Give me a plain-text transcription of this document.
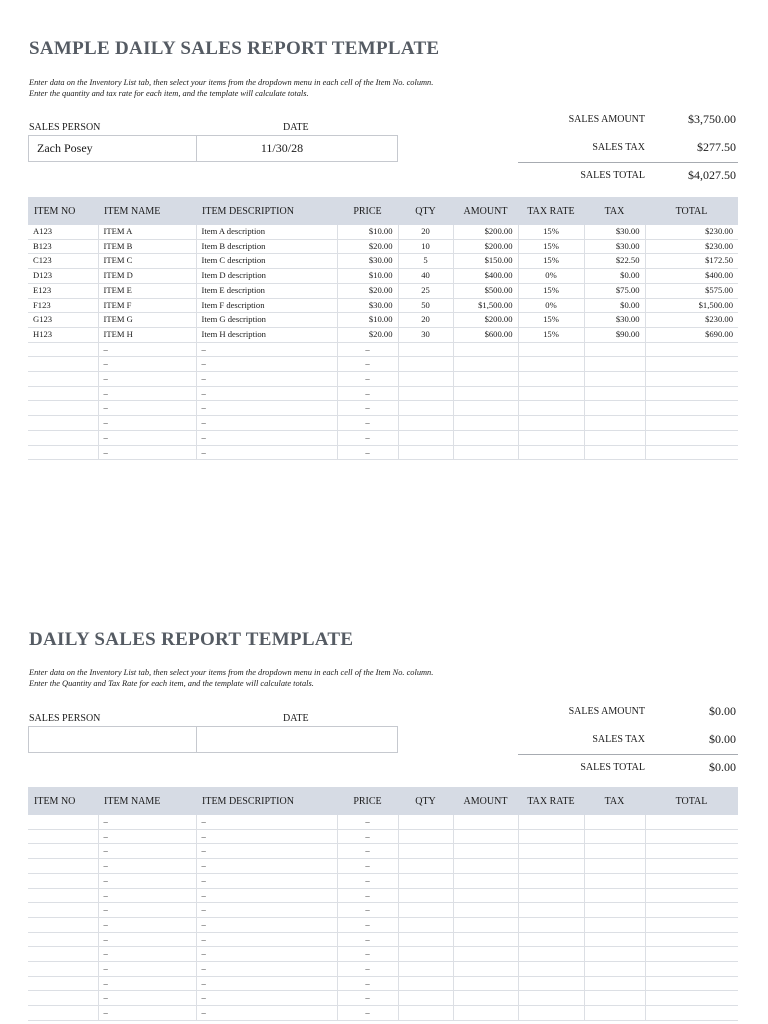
SAMPLE DAILY SALES REPORT TEMPLATE
Enter data on the Inventory List tab, then select your items from the dropdown menu in each cell of the Item No. column.
Enter the quantity and tax rate for each item, and the template will calculate totals.
SALES PERSON	DATE
Zach Posey	11/30/28
SALES AMOUNT	$3,750.00
SALES TAX	$277.50
SALES TOTAL	$4,027.50
ITEM NO	ITEM NAME	ITEM DESCRIPTION	PRICE	QTY	AMOUNT	TAX RATE	TAX	TOTAL
A123	ITEM A	Item A description	$10.00	20	$200.00	15%	$30.00	$230.00
B123	ITEM B	Item B description	$20.00	10	$200.00	15%	$30.00	$230.00
C123	ITEM C	Item C description	$30.00	5	$150.00	15%	$22.50	$172.50
D123	ITEM D	Item D description	$10.00	40	$400.00	0%	$0.00	$400.00
E123	ITEM E	Item E description	$20.00	25	$500.00	15%	$75.00	$575.00
F123	ITEM F	Item F description	$30.00	50	$1,500.00	0%	$0.00	$1,500.00
G123	ITEM G	Item G description	$10.00	20	$200.00	15%	$30.00	$230.00
H123	ITEM H	Item H description	$20.00	30	$600.00	15%	$90.00	$690.00
	–	–	–					
	–	–	–					
	–	–	–					
	–	–	–					
	–	–	–					
	–	–	–					
	–	–	–					
	–	–	–					
DAILY SALES REPORT TEMPLATE
Enter data on the Inventory List tab, then select your items from the dropdown menu in each cell of the Item No. column.
Enter the Quantity and Tax Rate for each item, and the template will calculate totals.
SALES PERSON	DATE
SALES AMOUNT	$0.00
SALES TAX	$0.00
SALES TOTAL	$0.00
ITEM NO	ITEM NAME	ITEM DESCRIPTION	PRICE	QTY	AMOUNT	TAX RATE	TAX	TOTAL
	–	–	–					
	–	–	–					
	–	–	–					
	–	–	–					
	–	–	–					
	–	–	–					
	–	–	–					
	–	–	–					
	–	–	–					
	–	–	–					
	–	–	–					
	–	–	–					
	–	–	–					
	–	–	–					
